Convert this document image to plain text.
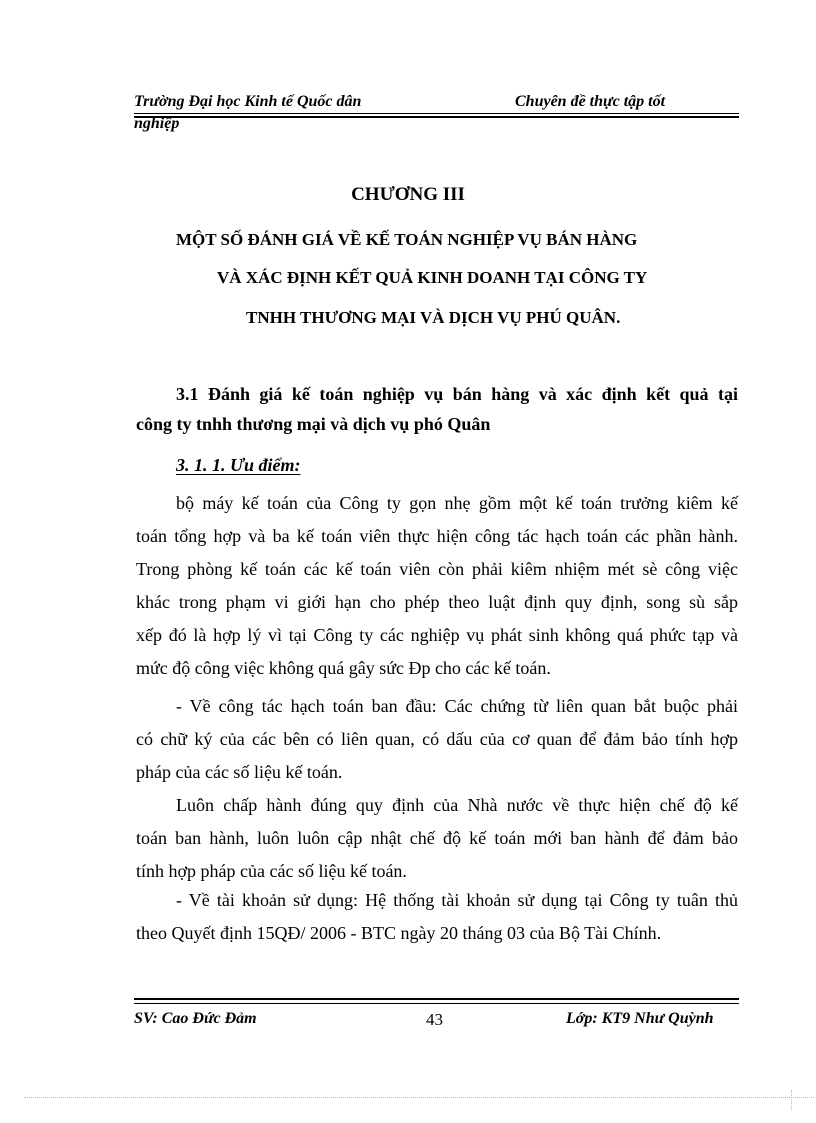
Trường Đại học Kinh tế Quốc dân	Chuyên đề thực tập tốt
nghiệp
CHƯƠNG III
MỘT SỐ ĐÁNH GIÁ VỀ KẾ TOÁN NGHIỆP VỤ BÁN HÀNG
VÀ XÁC ĐỊNH KẾT QUẢ KINH DOANH TẠI CÔNG TY
TNHH THƯƠNG MẠI VÀ DỊCH VỤ PHÚ QUÂN.
3.1 Đánh giá kế toán nghiệp vụ bán hàng và xác định kết quả tại
công ty tnhh thương mại và dịch vụ phó Quân
3. 1. 1. Ưu điểm:
bộ máy kế toán của Công ty gọn nhẹ gồm một kế toán trưởng kiêm kế
toán tổng hợp và ba kế toán viên thực hiện công tác hạch toán các phần hành.
Trong phòng kế toán các kế toán viên còn phải kiêm nhiệm mét sè công việc
khác trong phạm vi giới hạn cho phép theo luật định quy định, song sù sắp
xếp đó là hợp lý vì tại Công ty các nghiệp vụ phát sinh không quá phức tạp và
mức độ công việc không quá gây sức Ðp cho các kế toán.
- Về công tác hạch toán ban đầu: Các chứng từ liên quan bắt buộc phải
có chữ ký của các bên có liên quan, có dấu của cơ quan để đảm bảo tính hợp
pháp của các số liệu kế toán.
Luôn chấp hành đúng quy định của Nhà nước về thực hiện chế độ kế
toán ban hành, luôn luôn cập nhật chế độ kế toán mới ban hành để đảm bảo
tính hợp pháp của các số liệu kế toán.
- Về tài khoản sử dụng: Hệ thống tài khoản sử dụng tại Công ty tuân thủ
theo Quyết định 15QĐ/ 2006 - BTC ngày 20 tháng 03 của Bộ Tài Chính.
SV: Cao Đức Đảm	43	Lớp: KT9 Như Quỳnh
